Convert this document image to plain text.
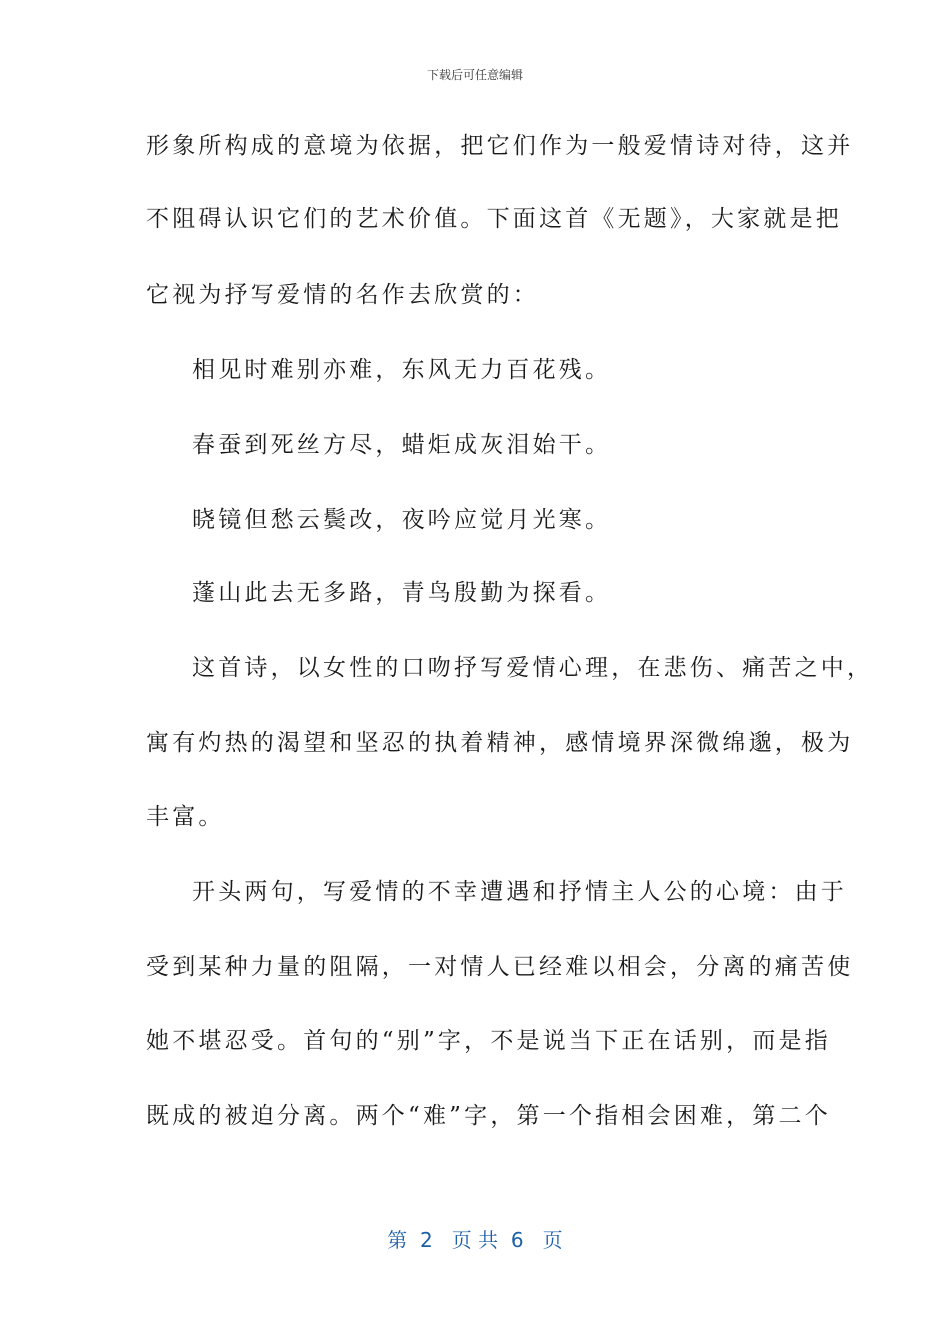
下载后可任意编辑
形象所构成的意境为依据，把它们作为一般爱情诗对待，这并
不阻碍认识它们的艺术价值。下面这首《无题》，大家就是把
它视为抒写爱情的名作去欣赏的：
相见时难别亦难，东风无力百花残。
春蚕到死丝方尽，蜡炬成灰泪始干。
晓镜但愁云鬓改，夜吟应觉月光寒。
蓬山此去无多路，青鸟殷勤为探看。
这首诗，以女性的口吻抒写爱情心理，在悲伤、痛苦之中，
寓有灼热的渴望和坚忍的执着精神，感情境界深微绵邈，极为
丰富。
开头两句，写爱情的不幸遭遇和抒情主人公的心境：由于
受到某种力量的阻隔，一对情人已经难以相会，分离的痛苦使
她不堪忍受。首句的“别”字，不是说当下正在话别，而是指
既成的被迫分离。两个“难”字，第一个指相会困难，第二个
第  2   页 共  6   页
